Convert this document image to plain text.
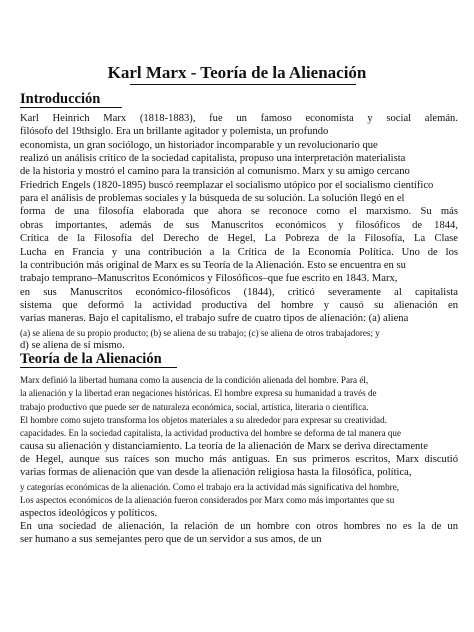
Karl Marx - Teoría de la Alienación
Introducción
Karl Heinrich Marx (1818-1883), fue un famoso economista y social alemán.
filósofo del 19thsiglo. Era un brillante agitador y polemista, un profundo
economista, un gran sociólogo, un historiador incomparable y un revolucionario que
realizó un análisis crítico de la sociedad capitalista, propuso una interpretación materialista
de la historia y mostró el camino para la transición al comunismo. Marx y su amigo cercano
Friedrich Engels (1820-1895) buscó reemplazar el socialismo utópico por el socialismo científico
para el análisis de problemas sociales y la búsqueda de su solución. La solución llegó en el
forma de una filosofía elaborada que ahora se reconoce como el marxismo. Su más
obras importantes, además de sus Manuscritos económicos y filosóficos de 1844,
Crítica de la Filosofía del Derecho de Hegel, La Pobreza de la Filosofía, La Clase
Lucha en Francia y una contribución a la Crítica de la Economía Política. Uno de los
la contribución más original de Marx es su Teoría de la Alienación. Esto se encuentra en su
trabajo temprano–Manuscritos Económicos y Filosóficos–que fue escrito en 1843. Marx,
en sus Manuscritos económico-filosóficos (1844), criticó severamente al capitalista
sistema que deformó la actividad productiva del hombre y causó su alienación en
varias maneras. Bajo el capitalismo, el trabajo sufre de cuatro tipos de alienación: (a) aliena
(a) se aliena de su propio producto; (b) se aliena de su trabajo; (c) se aliena de otros trabajadores; y
d) se aliena de sí mismo.
Teoría de la Alienación
Marx definió la libertad humana como la ausencia de la condición alienada del hombre. Para él,
la alienación y la libertad eran negaciones históricas. El hombre expresa su humanidad a través de
trabajo productivo que puede ser de naturaleza económica, social, artística, literaria o científica.
El hombre como sujeto transforma los objetos materiales a su alrededor para expresar su creatividad.
capacidades. En la sociedad capitalista, la actividad productiva del hombre se deforma de tal manera que
causa su alienación y distanciamiento. La teoría de la alienación de Marx se deriva directamente
de Hegel, aunque sus raíces son mucho más antiguas. En sus primeros escritos, Marx discutió
varias formas de alienación que van desde la alienación religiosa hasta la filosófica, política,
y categorías económicas de la alienación. Como el trabajo era la actividad más significativa del hombre,
Los aspectos económicos de la alienación fueron considerados por Marx como más importantes que su
aspectos ideológicos y políticos.
En una sociedad de alienación, la relación de un hombre con otros hombres no es la de un
ser humano a sus semejantes pero que de un servidor a sus amos, de un
